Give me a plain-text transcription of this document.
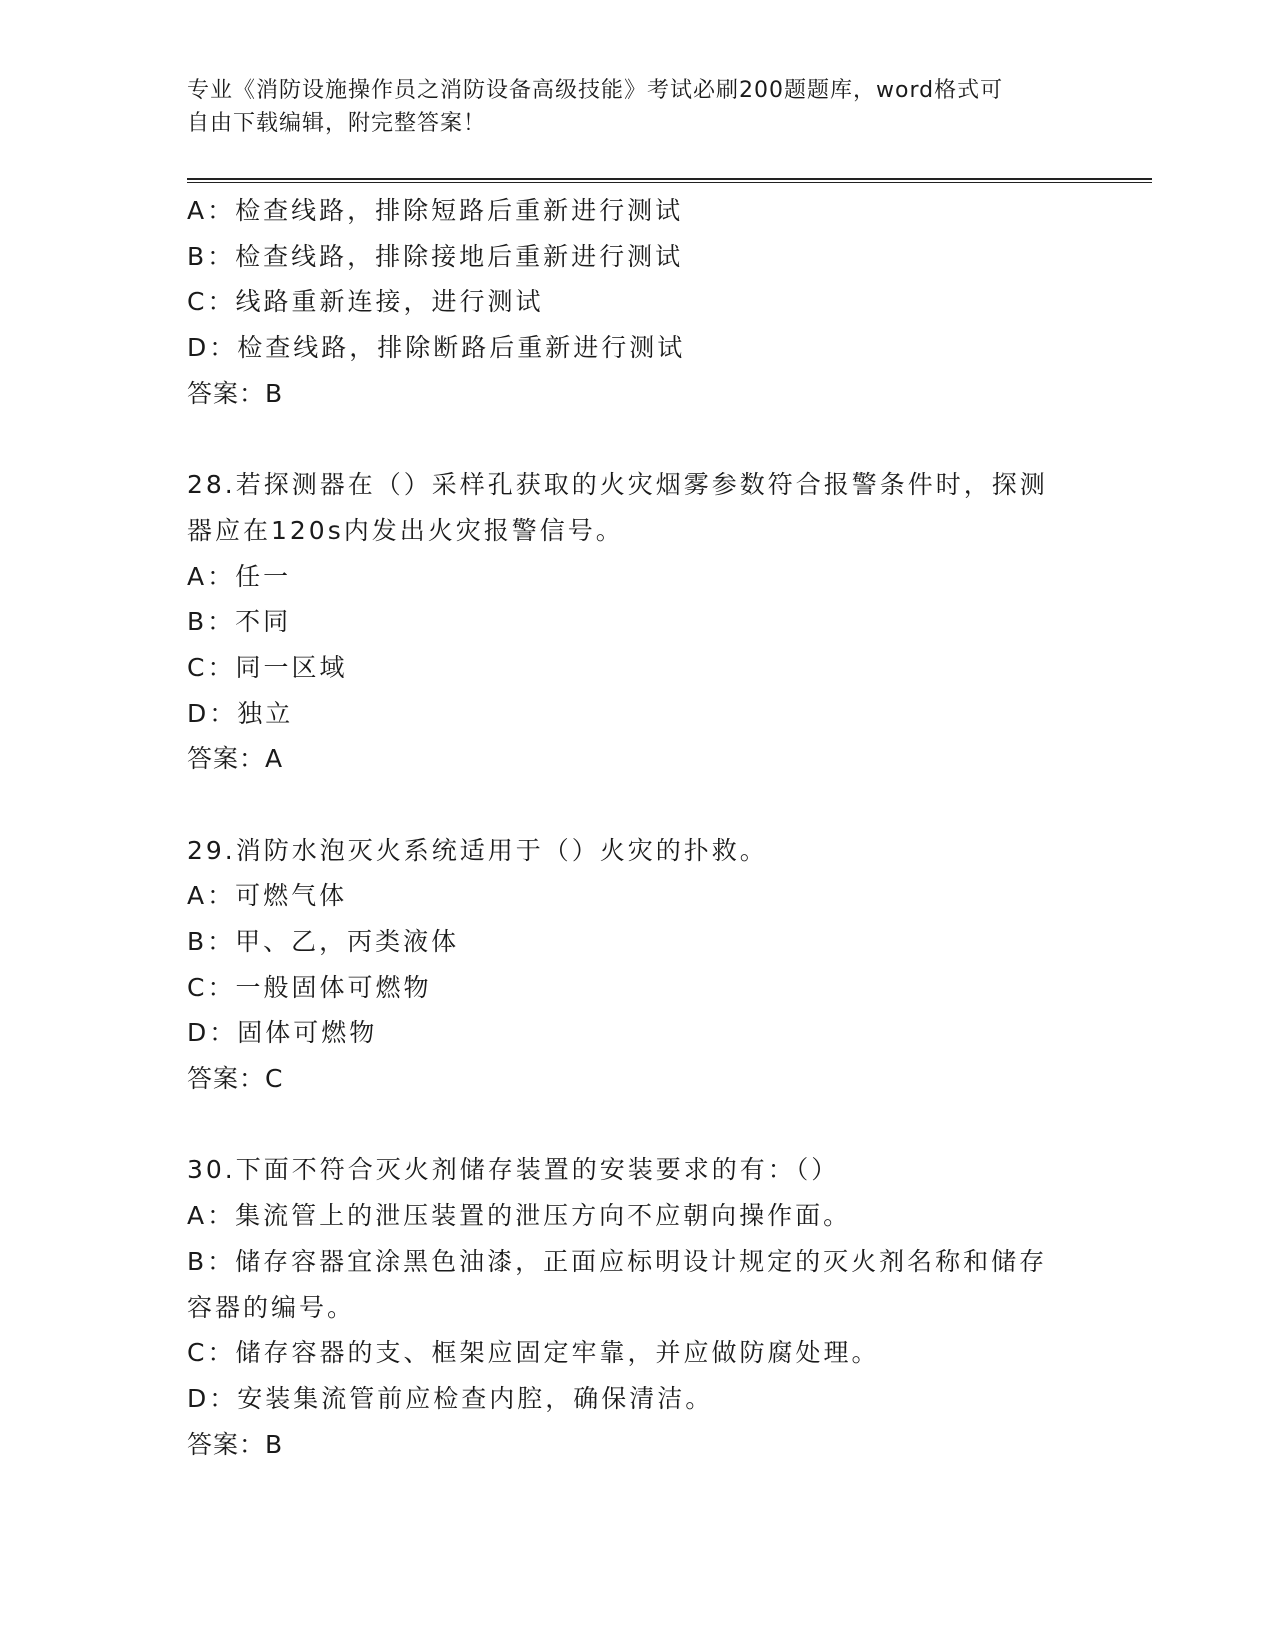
专业《消防设施操作员之消防设备高级技能》考试必刷200题题库，word格式可
自由下载编辑，附完整答案！
A：检查线路，排除短路后重新进行测试
B：检查线路，排除接地后重新进行测试
C：线路重新连接，进行测试
D：检查线路，排除断路后重新进行测试
答案：B
28.若探测器在（）采样孔获取的火灾烟雾参数符合报警条件时，探测
器应在120s内发出火灾报警信号。
A：任一
B：不同
C：同一区域
D：独立
答案：A
29.消防水泡灭火系统适用于（）火灾的扑救。
A：可燃气体
B：甲、乙，丙类液体
C：一般固体可燃物
D：固体可燃物
答案：C
30.下面不符合灭火剂储存装置的安装要求的有：（）
A：集流管上的泄压装置的泄压方向不应朝向操作面。
B：储存容器宜涂黑色油漆，正面应标明设计规定的灭火剂名称和储存
容器的编号。
C：储存容器的支、框架应固定牢靠，并应做防腐处理。
D：安装集流管前应检查内腔，确保清洁。
答案：B
